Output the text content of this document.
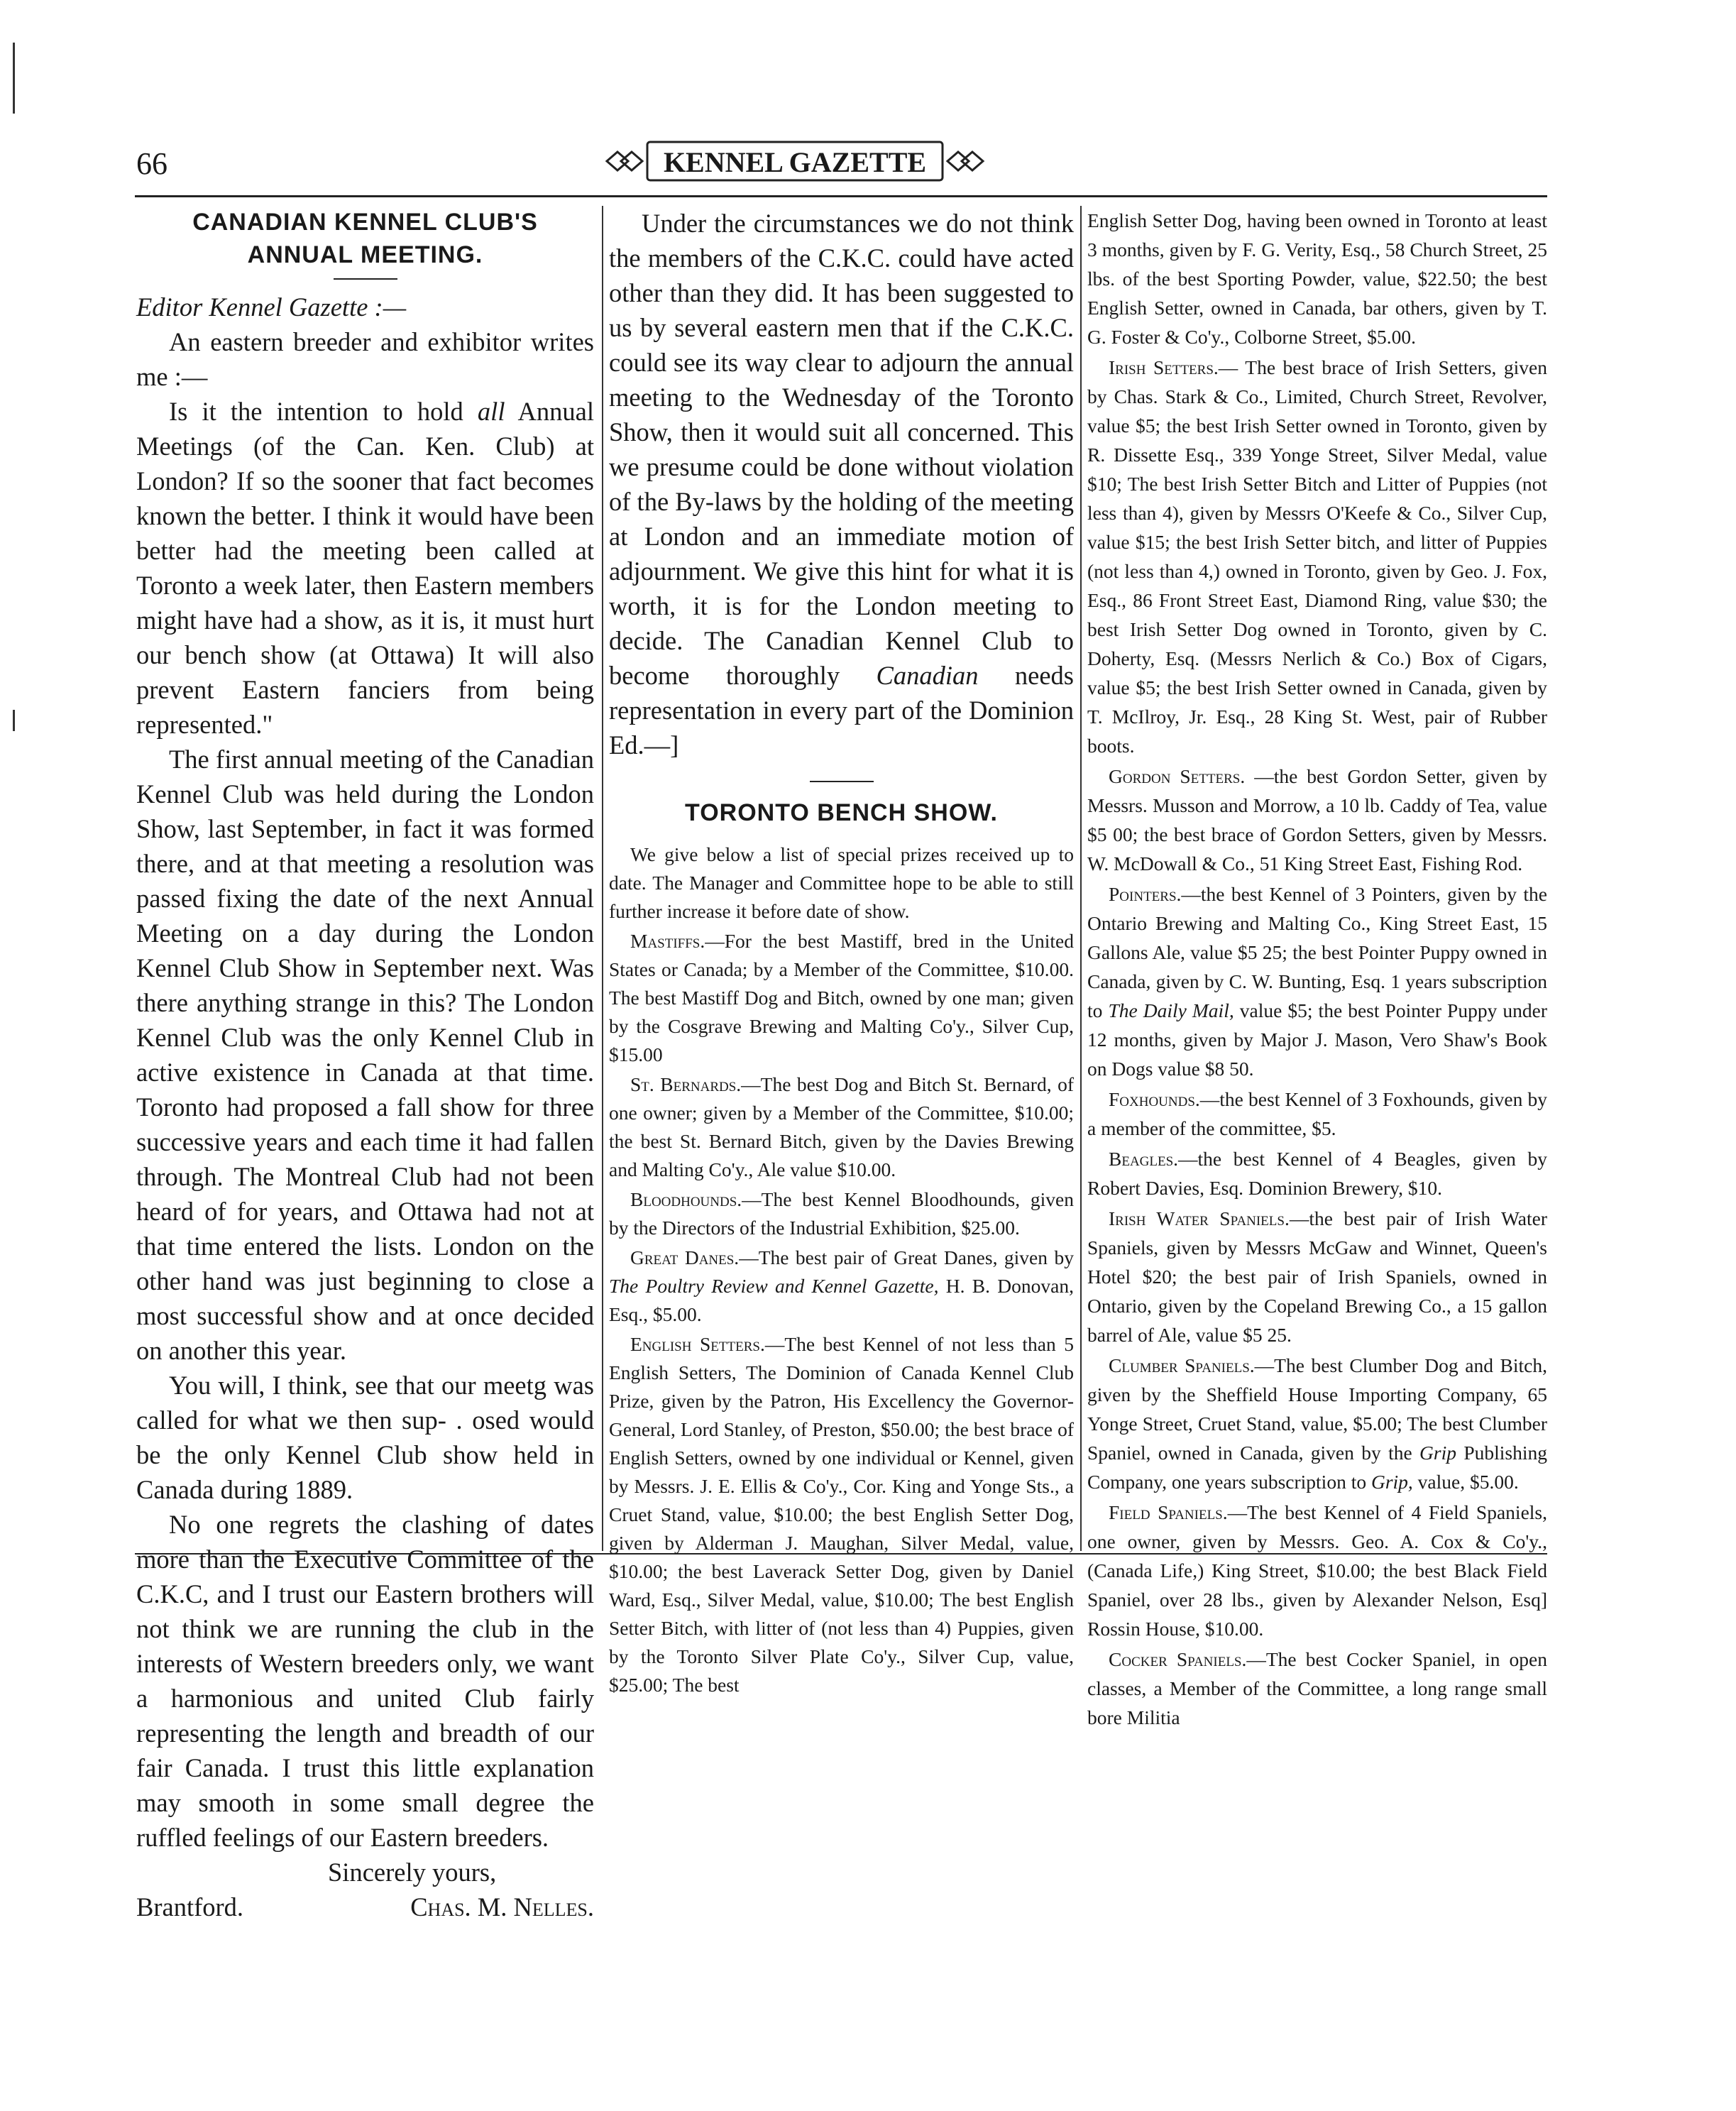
66	KENNEL GAZETTE
CANADIAN KENNEL CLUB'S ANNUAL MEETING.

Editor Kennel Gazette :—

An eastern breeder and exhibitor writes me :—

Is it the intention to hold all Annual Meetings (of the Can. Ken. Club) at London? If so the sooner that fact becomes known the better. I think it would have been better had the meeting been called at Toronto a week later, then Eastern members might have had a show, as it is, it must hurt our bench show (at Ottawa) It will also prevent Eastern fanciers from being represented."

The first annual meeting of the Canadian Kennel Club was held during the London Show, last September, in fact it was formed there, and at that meeting a resolution was passed fixing the date of the next Annual Meeting on a day during the London Kennel Club Show in September next. Was there anything strange in this? The London Kennel Club was the only Kennel Club in active existence in Canada at that time. Toronto had proposed a fall show for three successive years and each time it had fallen through. The Montreal Club had not been heard of for years, and Ottawa had not at that time entered the lists. London on the other hand was just beginning to close a most successful show and at once decided on another this year.

You will, I think, see that our meetg was called for what we then sup- . osed would be the only Kennel Club show held in Canada during 1889.

No one regrets the clashing of dates more than the Executive Committee of the C.K.C, and I trust our Eastern brothers will not think we are running the club in the interests of Western breeders only, we want a harmonious and united Club fairly representing the length and breadth of our fair Canada. I trust this little explanation may smooth in some small degree the ruffled feelings of our Eastern breeders.

Sincerely yours,

Brantford.	Chas. M. Nelles.

Under the circumstances we do not think the members of the C.K.C. could have acted other than they did. It has been suggested to us by several eastern men that if the C.K.C. could see its way clear to adjourn the annual meeting to the Wednesday of the Toronto Show, then it would suit all concerned. This we presume could be done without violation of the By-laws by the holding of the meeting at London and an immediate motion of adjournment. We give this hint for what it is worth, it is for the London meeting to decide. The Canadian Kennel Club to become thoroughly Canadian needs representation in every part of the Dominion Ed.—]

TORONTO BENCH SHOW.

We give below a list of special prizes received up to date. The Manager and Committee hope to be able to still further increase it before date of show.

Mastiffs.—For the best Mastiff, bred in the United States or Canada; by a Member of the Committee, $10.00. The best Mastiff Dog and Bitch, owned by one man; given by the Cosgrave Brewing and Malting Co'y., Silver Cup, $15.00

St. Bernards.—The best Dog and Bitch St. Bernard, of one owner; given by a Member of the Committee, $10.00; the best St. Bernard Bitch, given by the Davies Brewing and Malting Co'y., Ale value $10.00.

Bloodhounds.—The best Kennel Bloodhounds, given by the Directors of the Industrial Exhibition, $25.00.

Great Danes.—The best pair of Great Danes, given by The Poultry Review and Kennel Gazette, H. B. Donovan, Esq., $5.00.

English Setters.—The best Kennel of not less than 5 English Setters, The Dominion of Canada Kennel Club Prize, given by the Patron, His Excellency the Governor-General, Lord Stanley, of Preston, $50.00; the best brace of English Setters, owned by one individual or Kennel, given by Messrs. J. E. Ellis & Co'y., Cor. King and Yonge Sts., a Cruet Stand, value, $10.00; the best English Setter Dog, given by Alderman J. Maughan, Silver Medal, value, $10.00; the best Laverack Setter Dog, given by Daniel Ward, Esq., Silver Medal, value, $10.00; The best English Setter Bitch, with litter of (not less than 4) Puppies, given by the Toronto Silver Plate Co'y., Silver Cup, value, $25.00; The best

English Setter Dog, having been owned in Toronto at least 3 months, given by F. G. Verity, Esq., 58 Church Street, 25 lbs. of the best Sporting Powder, value, $22.50; the best English Setter, owned in Canada, bar others, given by T. G. Foster & Co'y., Colborne Street, $5.00.

Irish Setters.— The best brace of Irish Setters, given by Chas. Stark & Co., Limited, Church Street, Revolver, value $5; the best Irish Setter owned in Toronto, given by R. Dissette Esq., 339 Yonge Street, Silver Medal, value $10; The best Irish Setter Bitch and Litter of Puppies (not less than 4), given by Messrs O'Keefe & Co., Silver Cup, value $15; the best Irish Setter bitch, and litter of Puppies (not less than 4,) owned in Toronto, given by Geo. J. Fox, Esq., 86 Front Street East, Diamond Ring, value $30; the best Irish Setter Dog owned in Toronto, given by C. Doherty, Esq. (Messrs Nerlich & Co.) Box of Cigars, value $5; the best Irish Setter owned in Canada, given by T. McIlroy, Jr. Esq., 28 King St. West, pair of Rubber boots.

Gordon Setters. —the best Gordon Setter, given by Messrs. Musson and Morrow, a 10 lb. Caddy of Tea, value $5 00; the best brace of Gordon Setters, given by Messrs. W. McDowall & Co., 51 King Street East, Fishing Rod.

Pointers.—the best Kennel of 3 Pointers, given by the Ontario Brewing and Malting Co., King Street East, 15 Gallons Ale, value $5 25; the best Pointer Puppy owned in Canada, given by C. W. Bunting, Esq. 1 years subscription to The Daily Mail, value $5; the best Pointer Puppy under 12 months, given by Major J. Mason, Vero Shaw's Book on Dogs value $8 50.

Foxhounds.—the best Kennel of 3 Foxhounds, given by a member of the committee, $5.

Beagles.—the best Kennel of 4 Beagles, given by Robert Davies, Esq. Dominion Brewery, $10.

Irish Water Spaniels.—the best pair of Irish Water Spaniels, given by Messrs McGaw and Winnet, Queen's Hotel $20; the best pair of Irish Spaniels, owned in Ontario, given by the Copeland Brewing Co., a 15 gallon barrel of Ale, value $5 25.

Clumber Spaniels.—The best Clumber Dog and Bitch, given by the Sheffield House Importing Company, 65 Yonge Street, Cruet Stand, value, $5.00; The best Clumber Spaniel, owned in Canada, given by the Grip Publishing Company, one years subscription to Grip, value, $5.00.

Field Spaniels.—The best Kennel of 4 Field Spaniels, one owner, given by Messrs. Geo. A. Cox & Co'y., (Canada Life,) King Street, $10.00; the best Black Field Spaniel, over 28 lbs., given by Alexander Nelson, Esq] Rossin House, $10.00.

Cocker Spaniels.—The best Cocker Spaniel, in open classes, a Member of the Committee, a long range small bore Militia
